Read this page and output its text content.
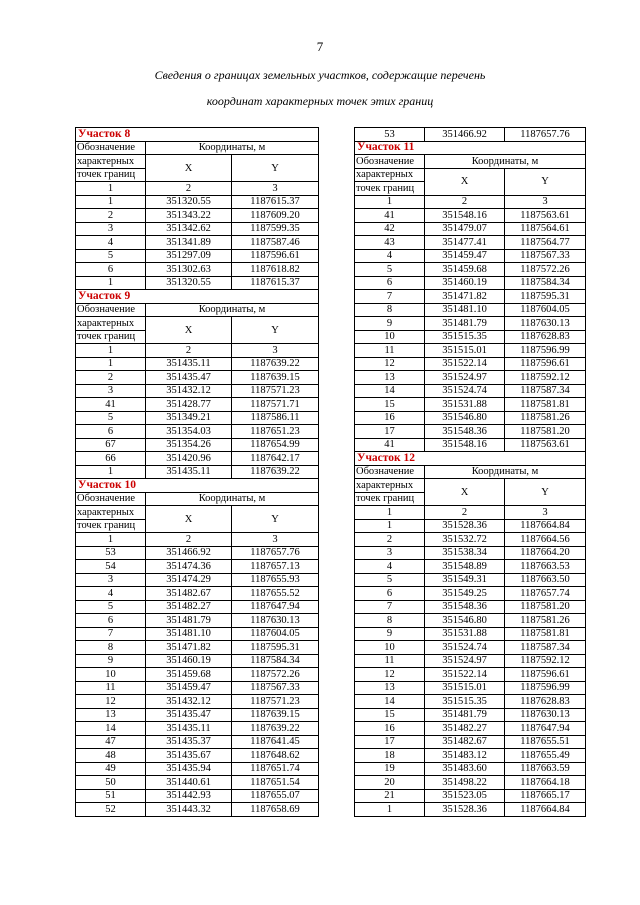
7
Сведения о границах земельных участков, содержащие перечень
координат характерных точек этих границ
Участок 8		
Обозначение	Координаты, м	
характерных	X	Y
точек границ		
1	2	3
1	351320.55	1187615.37
2	351343.22	1187609.20
3	351342.62	1187599.35
4	351341.89	1187587.46
5	351297.09	1187596.61
6	351302.63	1187618.82
1	351320.55	1187615.37
Участок 9		
Обозначение	Координаты, м	
характерных	X	Y
точек границ		
1	2	3
1	351435.11	1187639.22
2	351435.47	1187639.15
3	351432.12	1187571.23
41	351428.77	1187571.71
5	351349.21	1187586.11
6	351354.03	1187651.23
67	351354.26	1187654.99
66	351420.96	1187642.17
1	351435.11	1187639.22
Участок 10		
Обозначение	Координаты, м	
характерных	X	Y
точек границ		
1	2	3
53	351466.92	1187657.76
54	351474.36	1187657.13
3	351474.29	1187655.93
4	351482.67	1187655.52
5	351482.27	1187647.94
6	351481.79	1187630.13
7	351481.10	1187604.05
8	351471.82	1187595.31
9	351460.19	1187584.34
10	351459.68	1187572.26
11	351459.47	1187567.33
12	351432.12	1187571.23
13	351435.47	1187639.15
14	351435.11	1187639.22
47	351435.37	1187641.45
48	351435.67	1187648.62
49	351435.94	1187651.74
50	351440.61	1187651.54
51	351442.93	1187655.07
52	351443.32	1187658.69
53	351466.92	1187657.76
Участок 11		
Обозначение	Координаты, м	
характерных	X	Y
точек границ		
1	2	3
41	351548.16	1187563.61
42	351479.07	1187564.61
43	351477.41	1187564.77
4	351459.47	1187567.33
5	351459.68	1187572.26
6	351460.19	1187584.34
7	351471.82	1187595.31
8	351481.10	1187604.05
9	351481.79	1187630.13
10	351515.35	1187628.83
11	351515.01	1187596.99
12	351522.14	1187596.61
13	351524.97	1187592.12
14	351524.74	1187587.34
15	351531.88	1187581.81
16	351546.80	1187581.26
17	351548.36	1187581.20
41	351548.16	1187563.61
Участок 12		
Обозначение	Координаты, м	
характерных	X	Y
точек границ		
1	2	3
1	351528.36	1187664.84
2	351532.72	1187664.56
3	351538.34	1187664.20
4	351548.89	1187663.53
5	351549.31	1187663.50
6	351549.25	1187657.74
7	351548.36	1187581.20
8	351546.80	1187581.26
9	351531.88	1187581.81
10	351524.74	1187587.34
11	351524.97	1187592.12
12	351522.14	1187596.61
13	351515.01	1187596.99
14	351515.35	1187628.83
15	351481.79	1187630.13
16	351482.27	1187647.94
17	351482.67	1187655.51
18	351483.12	1187655.49
19	351483.60	1187663.59
20	351498.22	1187664.18
21	351523.05	1187665.17
1	351528.36	1187664.84
